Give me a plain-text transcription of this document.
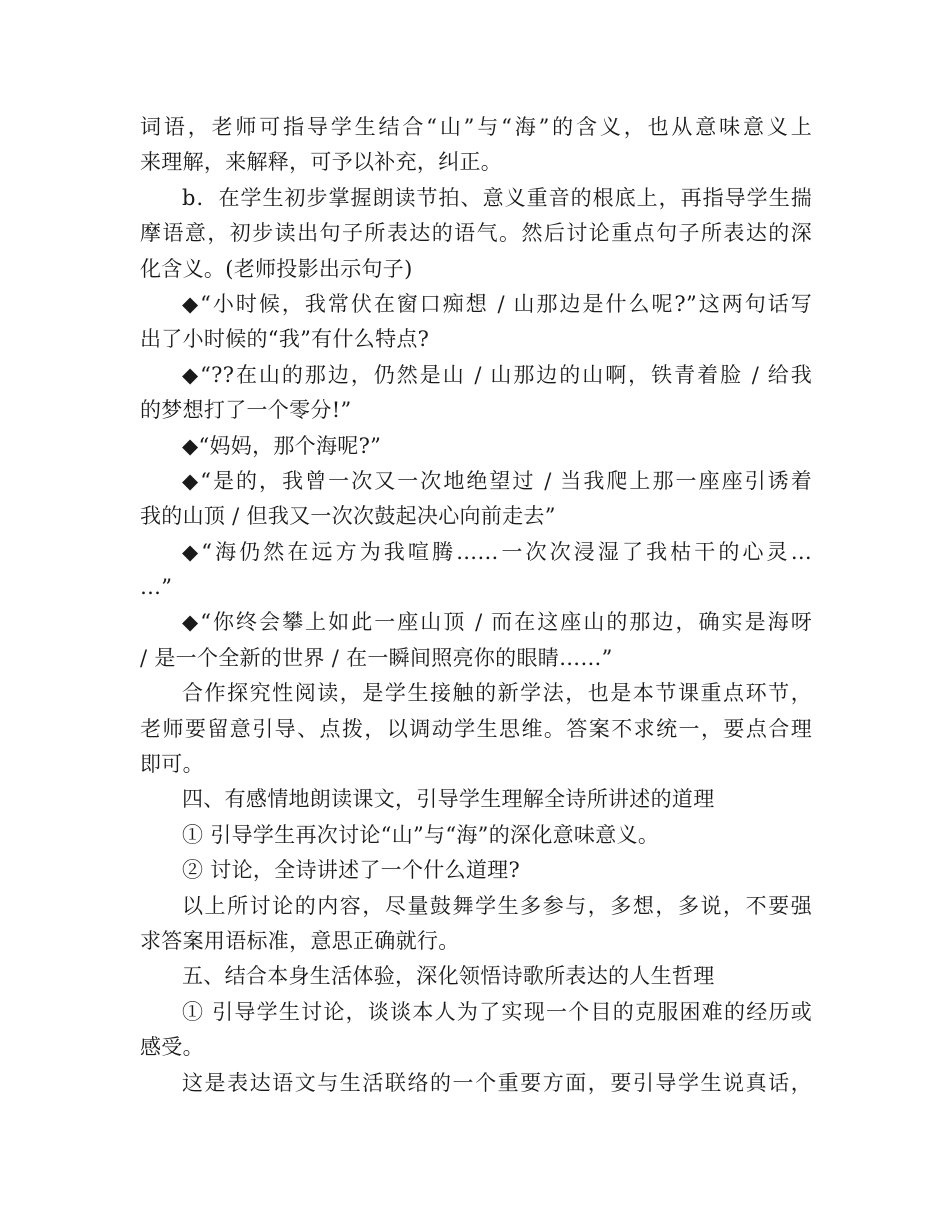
词语，老师可指导学生结合“山”与“海”的含义，也从意味意义上
来理解，来解释，可予以补充，纠正。
b．在学生初步掌握朗读节拍、意义重音的根底上，再指导学生揣
摩语意，初步读出句子所表达的语气。然后讨论重点句子所表达的深
化含义。(老师投影出示句子)
◆“小时候，我常伏在窗口痴想 / 山那边是什么呢?”这两句话写
出了小时候的“我”有什么特点?
◆“??在山的那边，仍然是山 / 山那边的山啊，铁青着脸 / 给我
的梦想打了一个零分!”
◆“妈妈，那个海呢?”
◆“是的，我曾一次又一次地绝望过 / 当我爬上那一座座引诱着
我的山顶 / 但我又一次次鼓起决心向前走去”
◆“海仍然在远方为我喧腾……一次次浸湿了我枯干的心灵…
…”
◆“你终会攀上如此一座山顶 / 而在这座山的那边，确实是海呀
/ 是一个全新的世界 / 在一瞬间照亮你的眼睛……”
合作探究性阅读，是学生接触的新学法，也是本节课重点环节，
老师要留意引导、点拨，以调动学生思维。答案不求统一，要点合理
即可。
四、有感情地朗读课文，引导学生理解全诗所讲述的道理
① 引导学生再次讨论“山”与“海”的深化意味意义。
② 讨论，全诗讲述了一个什么道理?
以上所讨论的内容，尽量鼓舞学生多参与，多想，多说，不要强
求答案用语标准，意思正确就行。
五、结合本身生活体验，深化领悟诗歌所表达的人生哲理
① 引导学生讨论，谈谈本人为了实现一个目的克服困难的经历或
感受。
这是表达语文与生活联络的一个重要方面，要引导学生说真话，
